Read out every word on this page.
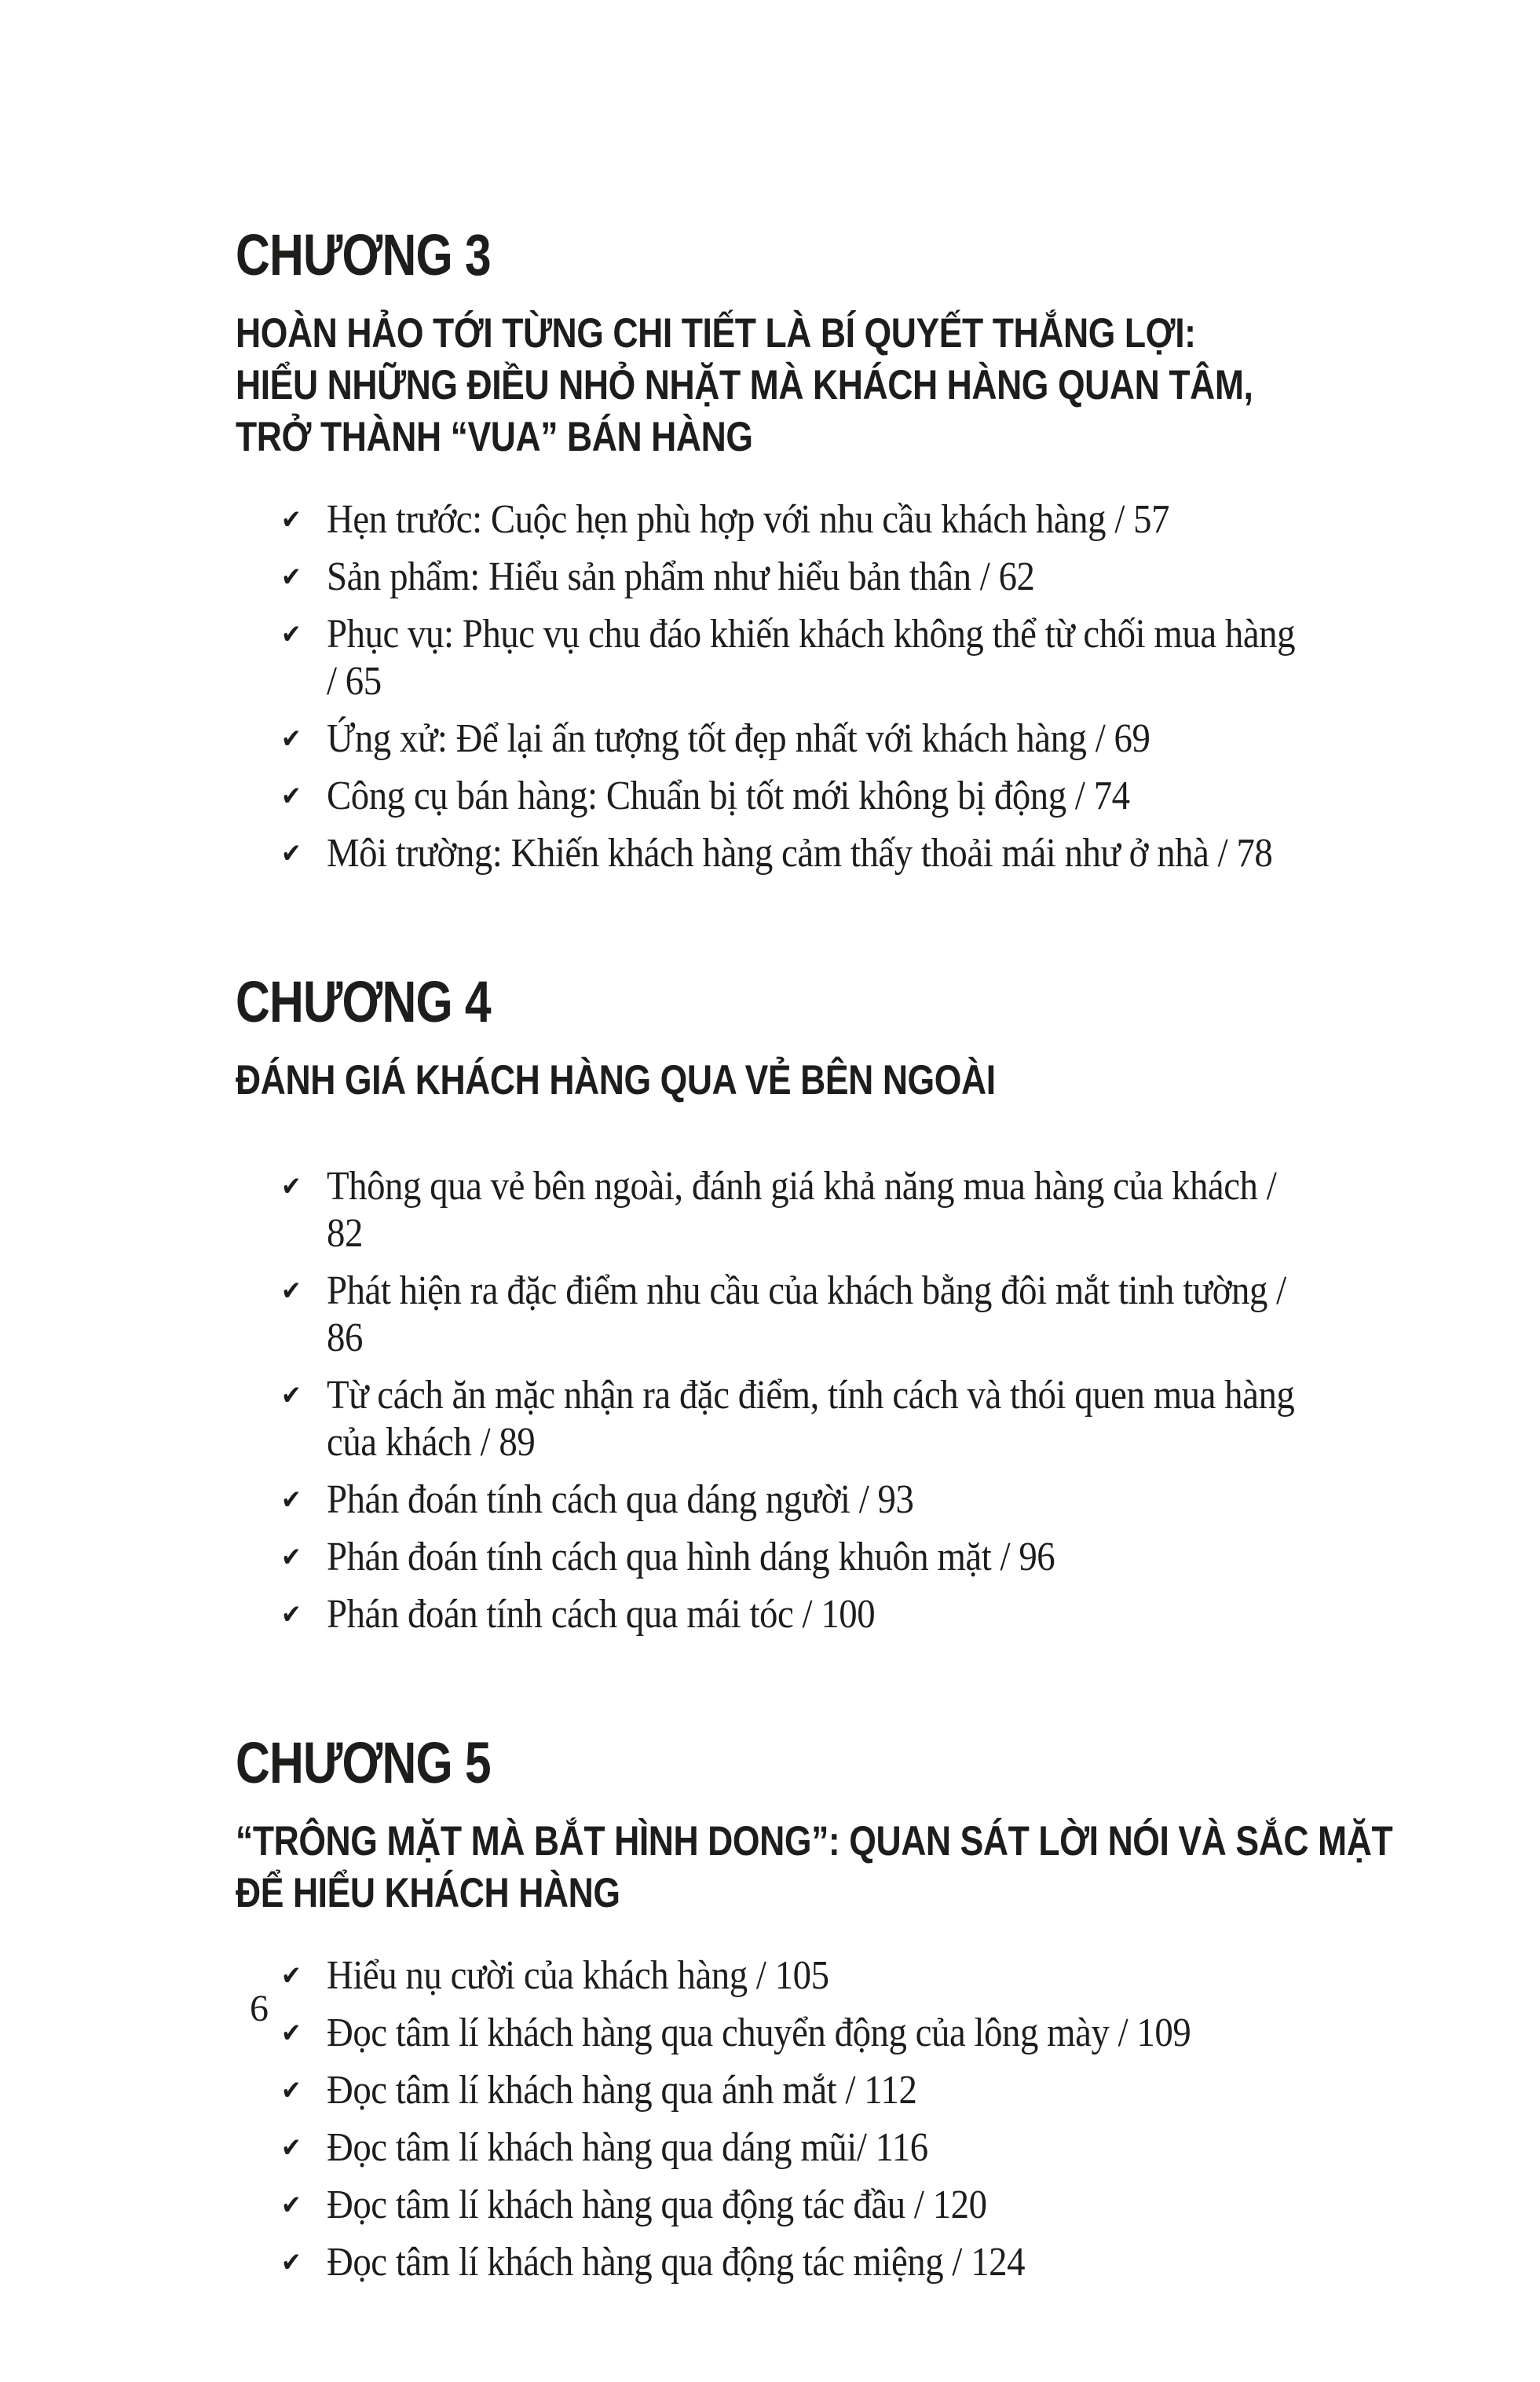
CHƯƠNG 3
HOÀN HẢO TỚI TỪNG CHI TIẾT LÀ BÍ QUYẾT THẮNG LỢI:
HIỂU NHỮNG ĐIỀU NHỎ NHẶT MÀ KHÁCH HÀNG QUAN TÂM,
TRỞ THÀNH “VUA” BÁN HÀNG
✔ Hẹn trước: Cuộc hẹn phù hợp với nhu cầu khách hàng / 57
✔ Sản phẩm: Hiểu sản phẩm như hiểu bản thân / 62
✔ Phục vụ: Phục vụ chu đáo khiến khách không thể từ chối mua hàng / 65
✔ Ứng xử: Để lại ấn tượng tốt đẹp nhất với khách hàng / 69
✔ Công cụ bán hàng: Chuẩn bị tốt mới không bị động / 74
✔ Môi trường: Khiến khách hàng cảm thấy thoải mái như ở nhà / 78
CHƯƠNG 4
ĐÁNH GIÁ KHÁCH HÀNG QUA VẺ BÊN NGOÀI
✔ Thông qua vẻ bên ngoài, đánh giá khả năng mua hàng của khách / 82
✔ Phát hiện ra đặc điểm nhu cầu của khách bằng đôi mắt tinh tường / 86
✔ Từ cách ăn mặc nhận ra đặc điểm, tính cách và thói quen mua hàng của khách / 89
✔ Phán đoán tính cách qua dáng người / 93
✔ Phán đoán tính cách qua hình dáng khuôn mặt / 96
✔ Phán đoán tính cách qua mái tóc / 100
CHƯƠNG 5
“TRÔNG MẶT MÀ BẮT HÌNH DONG”: QUAN SÁT LỜI NÓI VÀ SẮC MẶT
ĐỂ HIỂU KHÁCH HÀNG
✔ Hiểu nụ cười của khách hàng / 105
✔ Đọc tâm lí khách hàng qua chuyển động của lông mày / 109
✔ Đọc tâm lí khách hàng qua ánh mắt / 112
✔ Đọc tâm lí khách hàng qua dáng mũi/ 116
✔ Đọc tâm lí khách hàng qua động tác đầu / 120
✔ Đọc tâm lí khách hàng qua động tác miệng / 124
6
